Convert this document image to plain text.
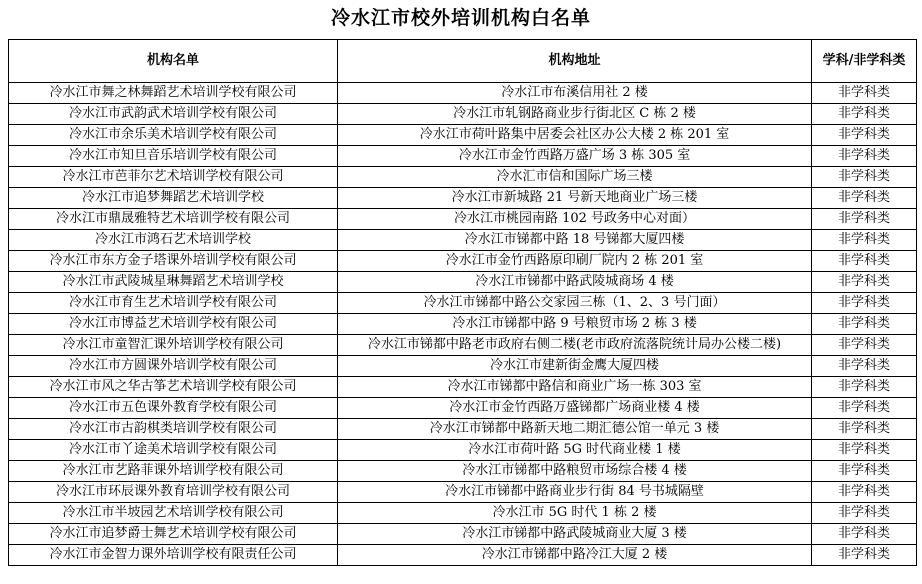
冷水江市校外培训机构白名单
机构名单	机构地址	学科/非学科类
冷水江市舞之林舞蹈艺术培训学校有限公司	冷水江市布溪信用社 2 楼	非学科类
冷水江市武韵武术培训学校有限公司	冷水江市轧钢路商业步行街北区 C 栋 2 楼	非学科类
冷水江市余乐美术培训学校有限公司	冷水江市荷叶路集中居委会社区办公大楼 2 栋 201 室	非学科类
冷水江市知旦音乐培训学校有限公司	冷水江市金竹西路万盛广场 3 栋 305 室	非学科类
冷水江市芭菲尔艺术培训学校有限公司	冷水汇市信和国际广场三楼	非学科类
冷水江市追梦舞蹈艺术培训学校	冷水江市新城路 21 号新天地商业广场三楼	非学科类
冷水江市鼎晟雅特艺术培训学校有限公司	冷水江市桃园南路 102 号政务中心对面）	非学科类
冷水江市鸿石艺术培训学校	冷水江市锑都中路 18 号锑都大厦四楼	非学科类
冷水江市东方金子塔课外培训学校有限公司	冷水江市金竹西路原印刷厂院内 2 栋 201 室	非学科类
冷水江市武陵城星琳舞蹈艺术培训学校	冷水江市锑都中路武陵城商场 4 楼	非学科类
冷水江市育生艺术培训学校有限公司	冷水江市锑都中路公交家园三栋（1、2、3 号门面）	非学科类
冷水江市博益艺术培训学校有限公司	冷水江市锑都中路 9 号粮贸市场 2 栋 3 楼	非学科类
冷水江市童智汇课外培训学校有限公司	冷水江市锑都中路老市政府右侧二楼(老市政府流落院统计局办公楼二楼)	非学科类
冷水江市方圆课外培训学校有限公司	冷水江市建新街金鹰大厦四楼	非学科类
冷水江市风之华古筝艺术培训学校有限公司	冷水江市锑都中路信和商业广场一栋 303 室	非学科类
冷水江市五色课外教育学校有限公司	冷水江市金竹西路万盛锑都广场商业楼 4 楼	非学科类
冷水江市古韵棋类培训学校有限公司	冷水江市锑都中路新天地二期汇德公馆一单元 3 楼	非学科类
冷水江市丫途美术培训学校有限公司	冷水江市荷叶路 5G 时代商业楼 1 楼	非学科类
冷水江市艺路菲课外培训学校有限公司	冷水江市锑都中路粮贸市场综合楼 4 楼	非学科类
冷水江市环辰课外教育培训学校有限公司	冷水江市锑都中路商业步行街 84 号书城隔壁	非学科类
冷水江市半坡园艺术培训学校有限公司	冷水江市 5G 时代 1 栋 2 楼	非学科类
冷水江市追梦爵士舞艺术培训学校有限公司	冷水江市锑都中路武陵城商业大厦 3 楼	非学科类
冷水江市金智力课外培训学校有限责任公司	冷水江市锑都中路冷江大厦 2 楼	非学科类
